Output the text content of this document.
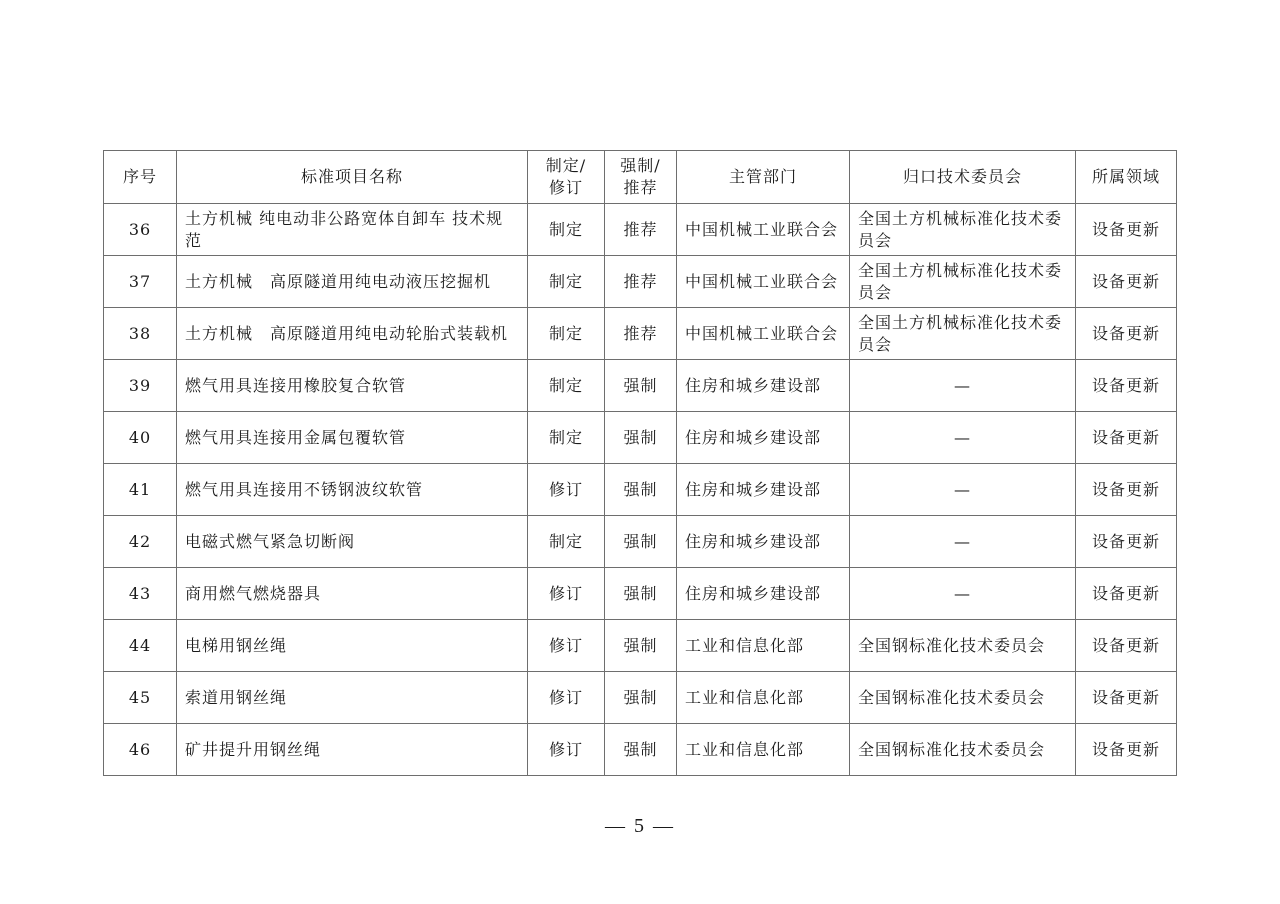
序号	标准项目名称	制定/修订	强制/推荐	主管部门	归口技术委员会	所属领域
36	土方机械 纯电动非公路宽体自卸车 技术规范	制定	推荐	中国机械工业联合会	全国土方机械标准化技术委员会	设备更新
37	土方机械　高原隧道用纯电动液压挖掘机	制定	推荐	中国机械工业联合会	全国土方机械标准化技术委员会	设备更新
38	土方机械　高原隧道用纯电动轮胎式装载机	制定	推荐	中国机械工业联合会	全国土方机械标准化技术委员会	设备更新
39	燃气用具连接用橡胶复合软管	制定	强制	住房和城乡建设部	—	设备更新
40	燃气用具连接用金属包覆软管	制定	强制	住房和城乡建设部	—	设备更新
41	燃气用具连接用不锈钢波纹软管	修订	强制	住房和城乡建设部	—	设备更新
42	电磁式燃气紧急切断阀	制定	强制	住房和城乡建设部	—	设备更新
43	商用燃气燃烧器具	修订	强制	住房和城乡建设部	—	设备更新
44	电梯用钢丝绳	修订	强制	工业和信息化部	全国钢标准化技术委员会	设备更新
45	索道用钢丝绳	修订	强制	工业和信息化部	全国钢标准化技术委员会	设备更新
46	矿井提升用钢丝绳	修订	强制	工业和信息化部	全国钢标准化技术委员会	设备更新
— 5 —
